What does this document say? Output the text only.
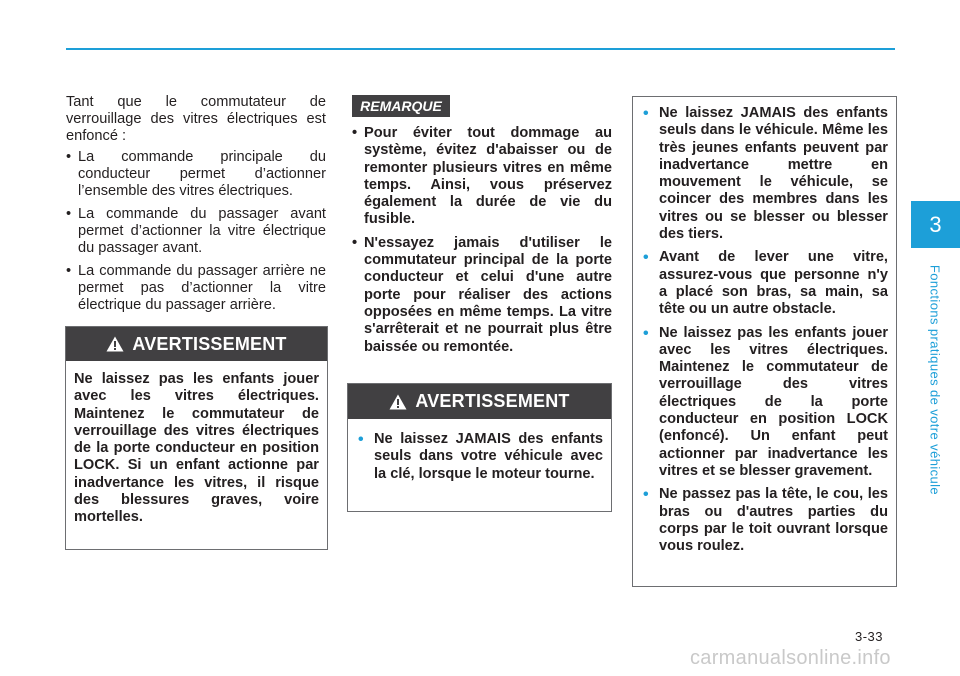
Tant que le commutateur de verrouillage des vitres électriques est enfoncé :

• La commande principale du conducteur permet d’actionner l’ensemble des vitres électriques.
• La commande du passager avant permet d’actionner la vitre électrique du passager avant.
• La commande du passager arrière ne permet pas d’actionner la vitre électrique du passager arrière.
AVERTISSEMENT
Ne laissez pas les enfants jouer avec les vitres électriques. Maintenez le commutateur de verrouillage des vitres électriques de la porte conducteur en position LOCK. Si un enfant actionne par inadvertance les vitres, il risque des blessures graves, voire mortelles.
REMARQUE
• Pour éviter tout dommage au système, évitez d'abaisser ou de remonter plusieurs vitres en même temps. Ainsi, vous préservez également la durée de vie du fusible.
• N'essayez jamais d'utiliser le commutateur principal de la porte conducteur et celui d'une autre porte pour réaliser des actions opposées en même temps. La vitre s'arrêterait et ne pourrait plus être baissée ou remontée.
AVERTISSEMENT
• Ne laissez JAMAIS des enfants seuls dans votre véhicule avec la clé, lorsque le moteur tourne.
• Ne laissez JAMAIS des enfants seuls dans le véhicule. Même les très jeunes enfants peuvent par inadvertance mettre en mouvement le véhicule, se coincer des membres dans les vitres ou se blesser ou blesser des tiers.
• Avant de lever une vitre, assurez-vous que personne n'y a placé son bras, sa main, sa tête ou un autre obstacle.
• Ne laissez pas les enfants jouer avec les vitres électriques. Maintenez le commutateur de verrouillage des vitres électriques de la porte conducteur en position LOCK (enfoncé). Un enfant peut actionner par inadvertance les vitres et se blesser gravement.
• Ne passez pas la tête, le cou, les bras ou d'autres parties du corps par le toit ouvrant lorsque vous roulez.
3
Fonctions pratiques de votre véhicule
3-33
carmanualsonline.info
